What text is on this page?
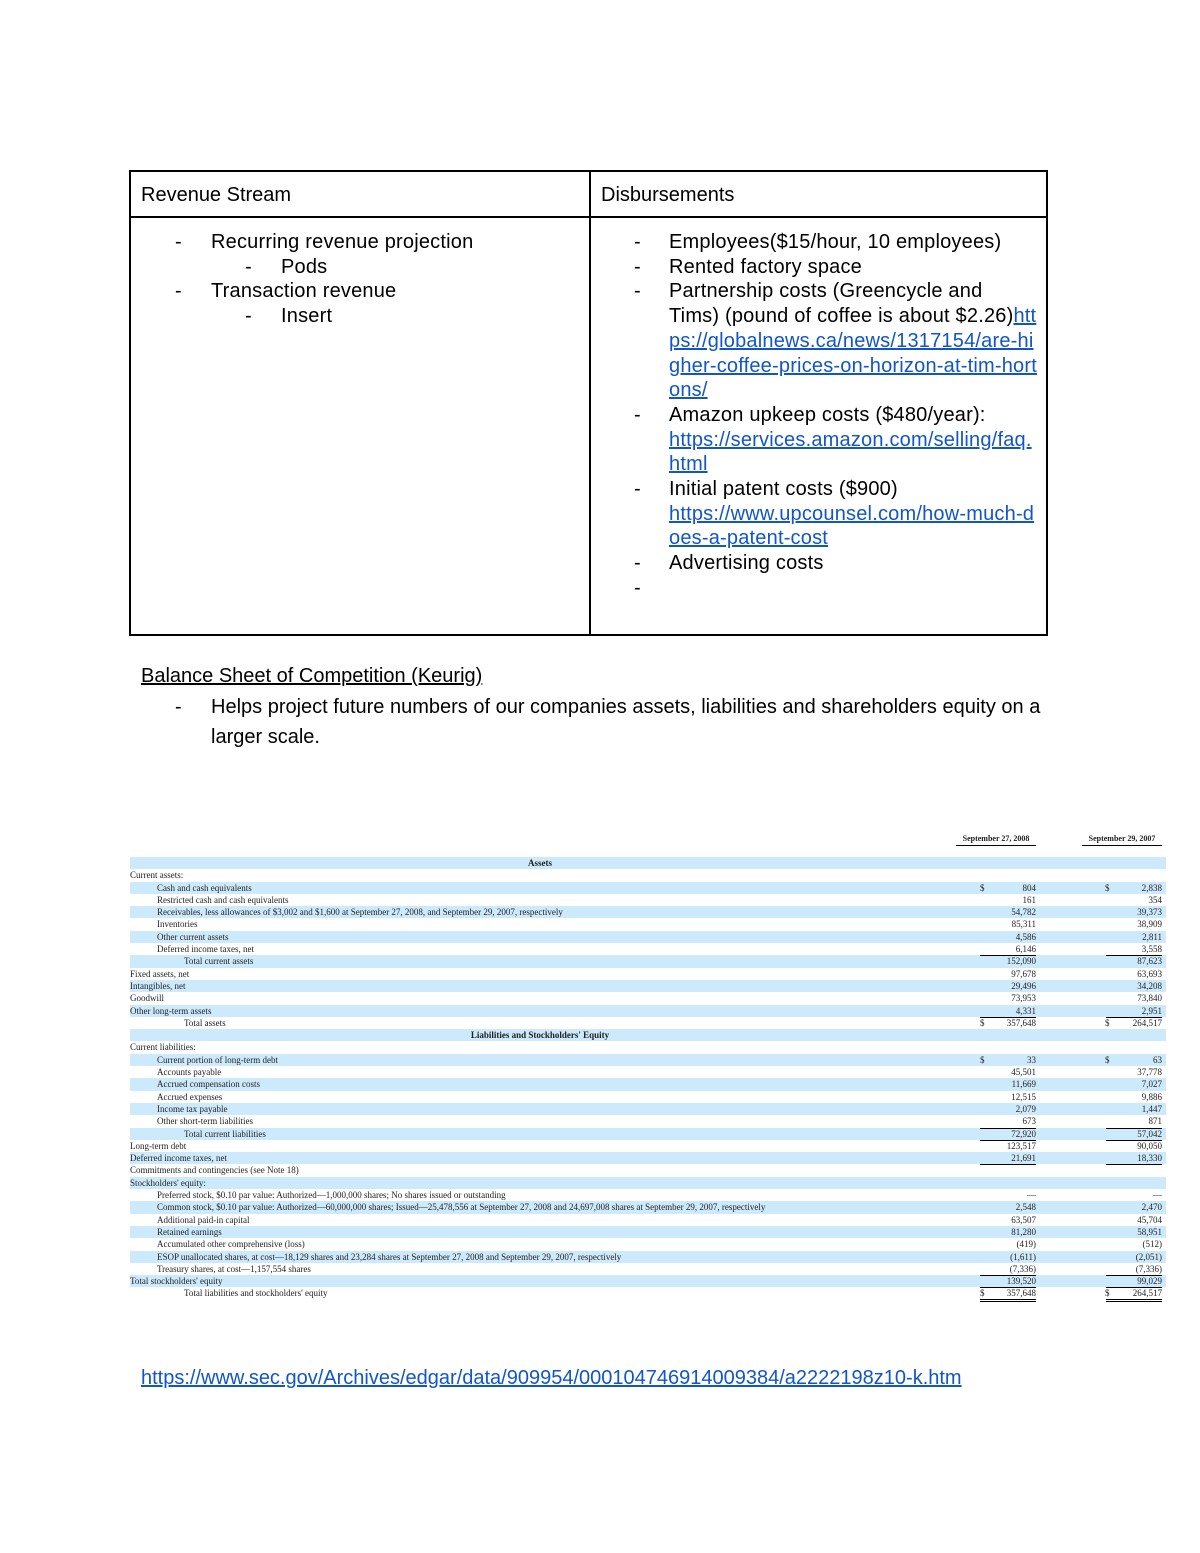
Revenue Stream	Disbursements
- Recurring revenue projection
- Pods
- Transaction revenue
- Insert
- Employees($15/hour, 10 employees)
- Rented factory space
- Partnership costs (Greencycle and Tims) (pound of coffee is about $2.26)https://globalnews.ca/news/1317154/are-higher-coffee-prices-on-horizon-at-tim-hortons/
- Amazon upkeep costs ($480/year):
https://services.amazon.com/selling/faq.html
- Initial patent costs ($900)
https://www.upcounsel.com/how-much-does-a-patent-cost
- Advertising costs
-

Balance Sheet of Competition (Keurig)
- Helps project future numbers of our companies assets, liabilities and shareholders equity on a larger scale.
September 27, 2008	September 29, 2007
Assets
Current assets:
Cash and cash equivalents	804	2,838
$	$
Restricted cash and cash equivalents	161	354
Receivables, less allowances of $3,002 and $1,600 at September 27, 2008, and September 29, 2007, respectively	54,782	39,373
Inventories	85,311	38,909
Other current assets	4,586	2,811
Deferred income taxes, net	6,146	3,558
Total current assets	152,090	87,623
Fixed assets, net	97,678	63,693
Intangibles, net	29,496	34,208
Goodwill	73,953	73,840
Other long-term assets	4,331	2,951
Total assets	357,648	264,517
$	$
Liabilities and Stockholders' Equity
Current liabilities:
Current portion of long-term debt	33	63
$	$
Accounts payable	45,501	37,778
Accrued compensation costs	11,669	7,027
Accrued expenses	12,515	9,886
Income tax payable	2,079	1,447
Other short-term liabilities	673	871
Total current liabilities	72,920	57,042
Long-term debt	123,517	90,050
Deferred income taxes, net	21,691	18,330
Commitments and contingencies (see Note 18)
Stockholders' equity:
Preferred stock, $0.10 par value: Authorized—1,000,000 shares; No shares issued or outstanding	—	—
Common stock, $0.10 par value: Authorized—60,000,000 shares; Issued—25,478,556 at September 27, 2008 and 24,697,008 shares at September 29, 2007, respectively	2,548	2,470
Additional paid-in capital	63,507	45,704
Retained earnings	81,280	58,951
Accumulated other comprehensive (loss)	(419)	(512)
ESOP unallocated shares, at cost—18,129 shares and 23,284 shares at September 27, 2008 and September 29, 2007, respectively	(1,611)	(2,051)
Treasury shares, at cost—1,157,554 shares	(7,336)	(7,336)
Total stockholders' equity	139,520	99,029
Total liabilities and stockholders' equity	357,648	264,517
$	$
https://www.sec.gov/Archives/edgar/data/909954/000104746914009384/a2222198z10-k.htm
